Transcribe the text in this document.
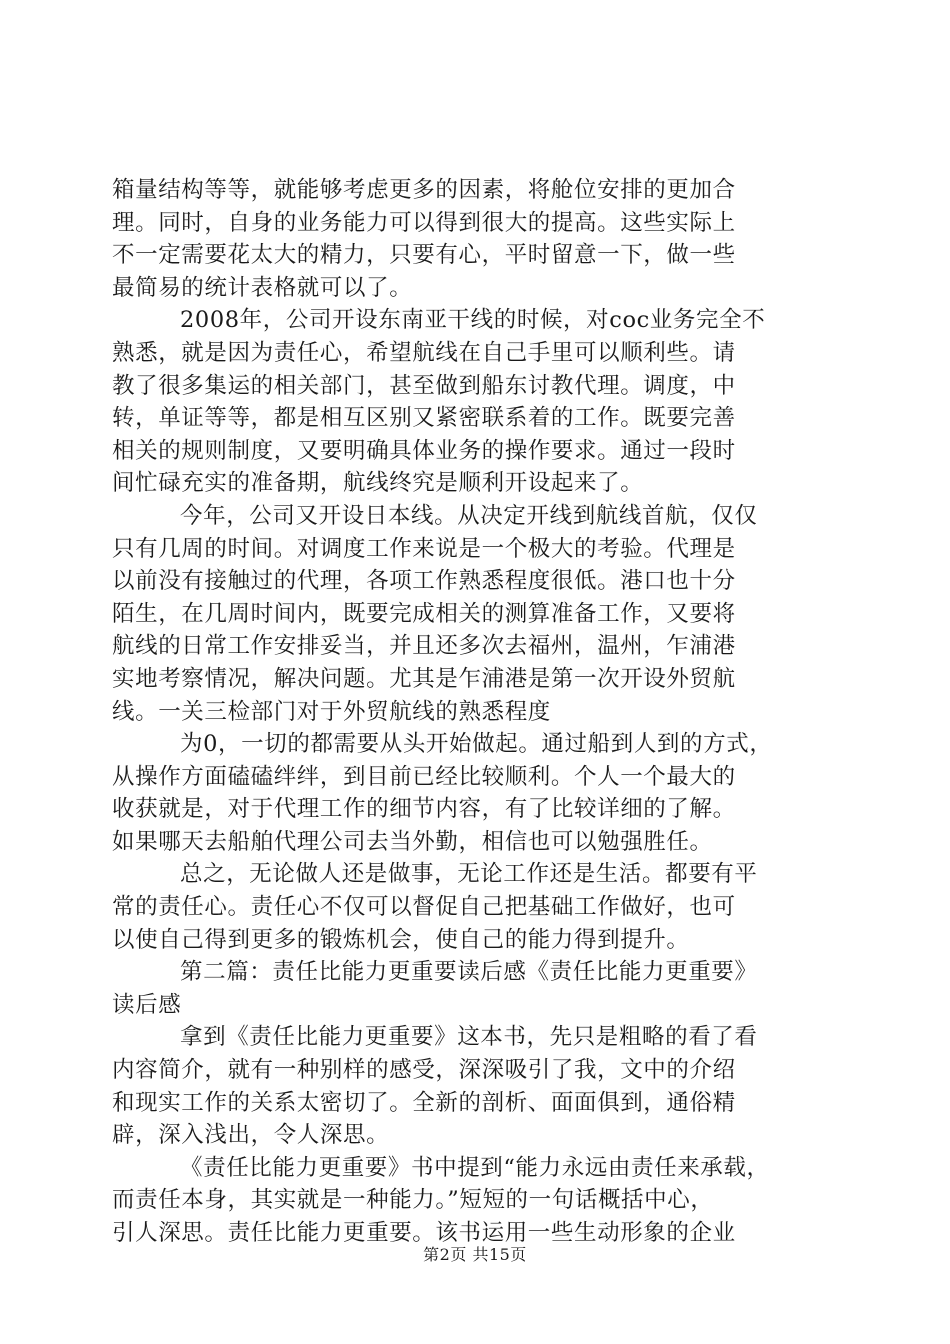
箱量结构等等，就能够考虑更多的因素，将舱位安排的更加合
理。同时，自身的业务能力可以得到很大的提高。这些实际上
不一定需要花太大的精力，只要有心，平时留意一下，做一些
最简易的统计表格就可以了。
2008年，公司开设东南亚干线的时候，对coc业务完全不
熟悉，就是因为责任心，希望航线在自己手里可以顺利些。请
教了很多集运的相关部门，甚至做到船东讨教代理。调度，中
转，单证等等，都是相互区别又紧密联系着的工作。既要完善
相关的规则制度，又要明确具体业务的操作要求。通过一段时
间忙碌充实的准备期，航线终究是顺利开设起来了。
今年，公司又开设日本线。从决定开线到航线首航，仅仅
只有几周的时间。对调度工作来说是一个极大的考验。代理是
以前没有接触过的代理，各项工作熟悉程度很低。港口也十分
陌生，在几周时间内，既要完成相关的测算准备工作，又要将
航线的日常工作安排妥当，并且还多次去福州，温州，乍浦港
实地考察情况，解决问题。尤其是乍浦港是第一次开设外贸航
线。一关三检部门对于外贸航线的熟悉程度
为0，一切的都需要从头开始做起。通过船到人到的方式，
从操作方面磕磕绊绊，到目前已经比较顺利。个人一个最大的
收获就是，对于代理工作的细节内容，有了比较详细的了解。
如果哪天去船舶代理公司去当外勤，相信也可以勉强胜任。
总之，无论做人还是做事，无论工作还是生活。都要有平
常的责任心。责任心不仅可以督促自己把基础工作做好，也可
以使自己得到更多的锻炼机会，使自己的能力得到提升。
第二篇：责任比能力更重要读后感《责任比能力更重要》
读后感
拿到《责任比能力更重要》这本书，先只是粗略的看了看
内容简介，就有一种别样的感受，深深吸引了我，文中的介绍
和现实工作的关系太密切了。全新的剖析、面面俱到，通俗精
辟，深入浅出，令人深思。
《责任比能力更重要》书中提到“能力永远由责任来承载，
而责任本身，其实就是一种能力。”短短的一句话概括中心，
引人深思。责任比能力更重要。该书运用一些生动形象的企业
第2页 共15页
